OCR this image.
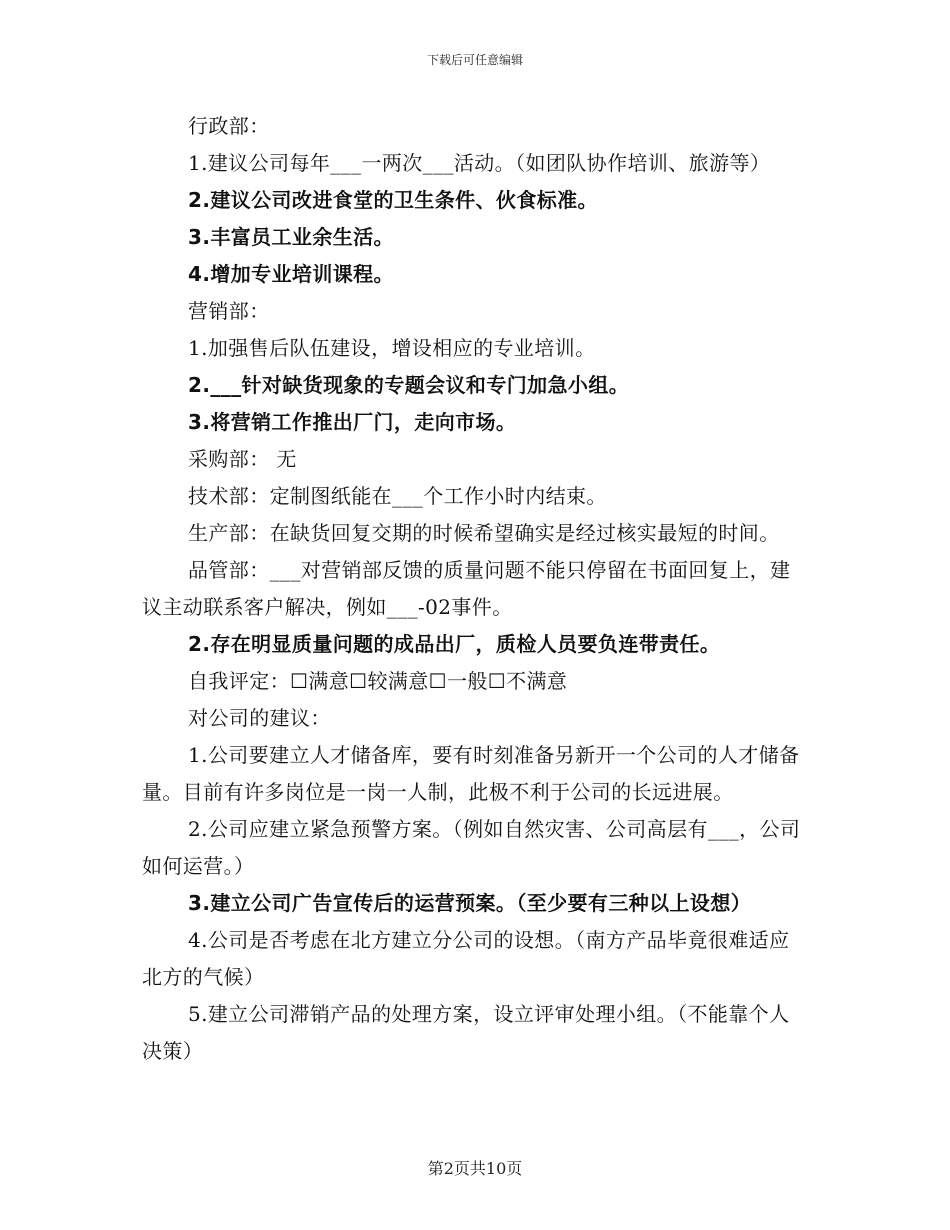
下载后可任意编辑

行政部：

1.建议公司每年___一两次___活动。（如团队协作培训、旅游等）

2.建议公司改进食堂的卫生条件、伙食标准。

3.丰富员工业余生活。

4.增加专业培训课程。

营销部：

1.加强售后队伍建设，增设相应的专业培训。

2.___针对缺货现象的专题会议和专门加急小组。

3.将营销工作推出厂门，走向市场。

采购部： 无

技术部：定制图纸能在___个工作小时内结束。

生产部：在缺货回复交期的时候希望确实是经过核实最短的时间。

品管部：___对营销部反馈的质量问题不能只停留在书面回复上，建议主动联系客户解决，例如___-02事件。

2.存在明显质量问题的成品出厂，质检人员要负连带责任。

自我评定：☐满意☐较满意☐一般☐不满意

对公司的建议：

1.公司要建立人才储备库，要有时刻准备另新开一个公司的人才储备量。目前有许多岗位是一岗一人制，此极不利于公司的长远进展。

2.公司应建立紧急预警方案。（例如自然灾害、公司高层有___，公司如何运营。）

3.建立公司广告宣传后的运营预案。（至少要有三种以上设想）

4.公司是否考虑在北方建立分公司的设想。（南方产品毕竟很难适应北方的气候）

5.建立公司滞销产品的处理方案，设立评审处理小组。（不能靠个人决策）

第2页共10页
